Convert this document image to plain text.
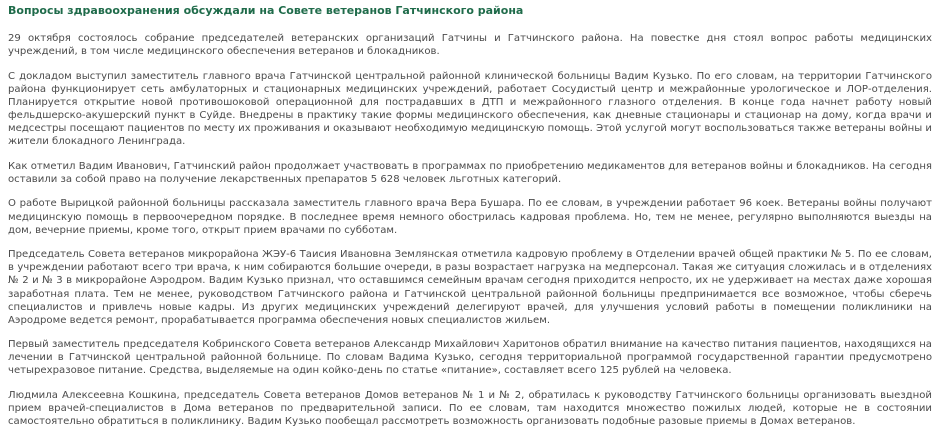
Вопросы здравоохранения обсуждали на Совете ветеранов Гатчинского района

29 октября состоялось собрание председателей ветеранских организаций Гатчины и Гатчинского района. На повестке дня стоял вопрос работы медицинских учреждений, в том числе медицинского обеспечения ветеранов и блокадников.

С докладом выступил заместитель главного врача Гатчинской центральной районной клинической больницы Вадим Кузько. По его словам, на территории Гатчинского района функционирует сеть амбулаторных и стационарных медицинских учреждений, работает Сосудистый центр и межрайонные урологическое и ЛОР-отделения. Планируется открытие новой противошоковой операционной для пострадавших в ДТП и межрайонного глазного отделения. В конце года начнет работу новый фельдшерско-акушерский пункт в Суйде. Внедрены в практику такие формы медицинского обеспечения, как дневные стационары и стационар на дому, когда врачи и медсестры посещают пациентов по месту их проживания и оказывают необходимую медицинскую помощь. Этой услугой могут воспользоваться также ветераны войны и жители блокадного Ленинграда.

Как отметил Вадим Иванович, Гатчинский район продолжает участвовать в программах по приобретению медикаментов для ветеранов войны и блокадников. На сегодня оставили за собой право на получение лекарственных препаратов 5 628 человек льготных категорий.

О работе Вырицкой районной больницы рассказала заместитель главного врача Вера Бушара. По ее словам, в учреждении работает 96 коек. Ветераны войны получают медицинскую помощь в первоочередном порядке. В последнее время немного обострилась кадровая проблема. Но, тем не менее, регулярно выполняются выезды на дом, вечерние приемы, кроме того, открыт прием врачами по субботам.

Председатель Совета ветеранов микрорайона ЖЭУ-6 Таисия Ивановна Землянская отметила кадровую проблему в Отделении врачей общей практики № 5. По ее словам, в учреждении работают всего три врача, к ним собираются большие очереди, в разы возрастает нагрузка на медперсонал. Такая же ситуация сложилась и в отделениях № 2 и № 3 в микрорайоне Аэродром. Вадим Кузько признал, что оставшимся семейным врачам сегодня приходится непросто, их не удерживает на местах даже хорошая заработная плата. Тем не менее, руководством Гатчинского района и Гатчинской центральной районной больницы предпринимается все возможное, чтобы сберечь специалистов и привлечь новые кадры. Из других медицинских учреждений делегируют врачей, для улучшения условий работы в помещении поликлиники на Аэродроме ведется ремонт, прорабатывается программа обеспечения новых специалистов жильем.

Первый заместитель председателя Кобринского Совета ветеранов Александр Михайлович Харитонов обратил внимание на качество питания пациентов, находящихся на лечении в Гатчинской центральной районной больнице. По словам Вадима Кузько, сегодня территориальной программой государственной гарантии предусмотрено четырехразовое питание. Средства, выделяемые на один койко-день по статье «питание», составляет всего 125 рублей на человека.

Людмила Алексеевна Кошкина, председатель Совета ветеранов Домов ветеранов № 1 и № 2, обратилась к руководству Гатчинского больницы организовать выездной прием врачей-специалистов в Дома ветеранов по предварительной записи. По ее словам, там находится множество пожилых людей, которые не в состоянии самостоятельно обратиться в поликлинику. Вадим Кузько пообещал рассмотреть возможность организовать подобные разовые приемы в Домах ветеранов.
